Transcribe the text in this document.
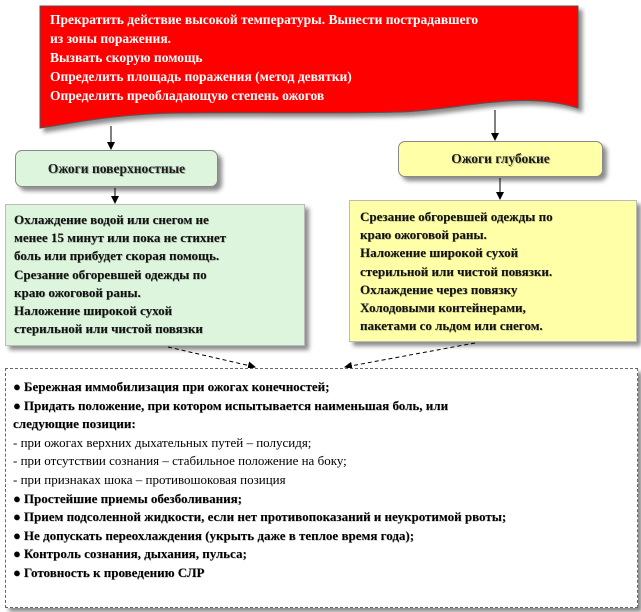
Прекратить действие высокой температуры. Вынести пострадавшего
из зоны поражения.
Вызвать скорую помощь
Определить площадь поражения (метод девятки)
Определить преобладающую степень ожогов
Ожоги поверхностные
Ожоги глубокие
Охлаждение водой или снегом не
менее 15 минут или пока не стихнет
боль или прибудет скорая помощь.
Срезание обгоревшей одежды по
краю ожоговой раны.
Наложение широкой сухой
стерильной или чистой повязки
Срезание обгоревшей одежды по
краю ожоговой раны.
Наложение широкой сухой
стерильной или чистой повязки.
Охлаждение через повязку
Холодовыми контейнерами,
пакетами со льдом или снегом.
● Бережная иммобилизация при ожогах конечностей;
● Придать положение, при котором испытывается наименьшая боль, или
следующие позиции:
- при ожогах верхних дыхательных путей – полусидя;
- при отсутствии сознания – стабильное положение на боку;
- при признаках шока – противошоковая позиция
● Простейшие приемы обезболивания;
● Прием подсоленной жидкости, если нет противопоказаний и неукротимой рвоты;
● Не допускать переохлаждения (укрыть даже в теплое время года);
● Контроль сознания, дыхания, пульса;
● Готовность к проведению СЛР
